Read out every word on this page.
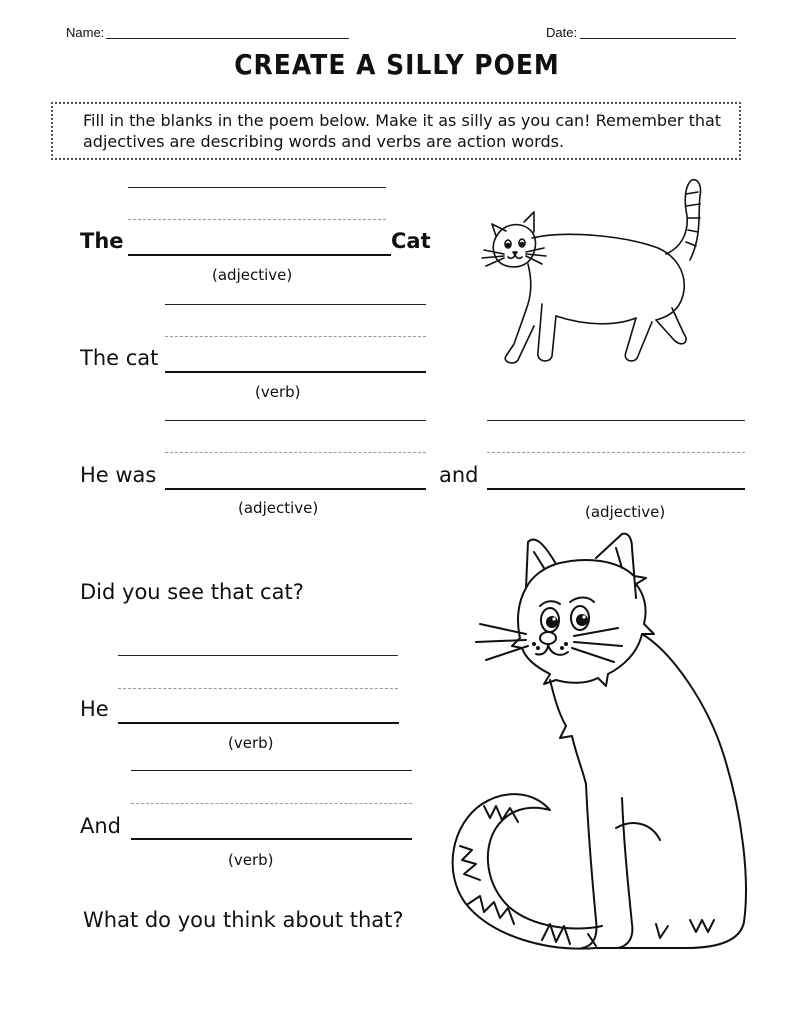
Name:	Date:
CREATE A SILLY POEM
Fill in the blanks in the poem below. Make it as silly as you can! Remember that adjectives are describing words and verbs are action words.
The	Cat
(adjective)
The cat
(verb)
He was	and
(adjective)	(adjective)
Did you see that cat?
He
(verb)
And
(verb)
What do you think about that?
